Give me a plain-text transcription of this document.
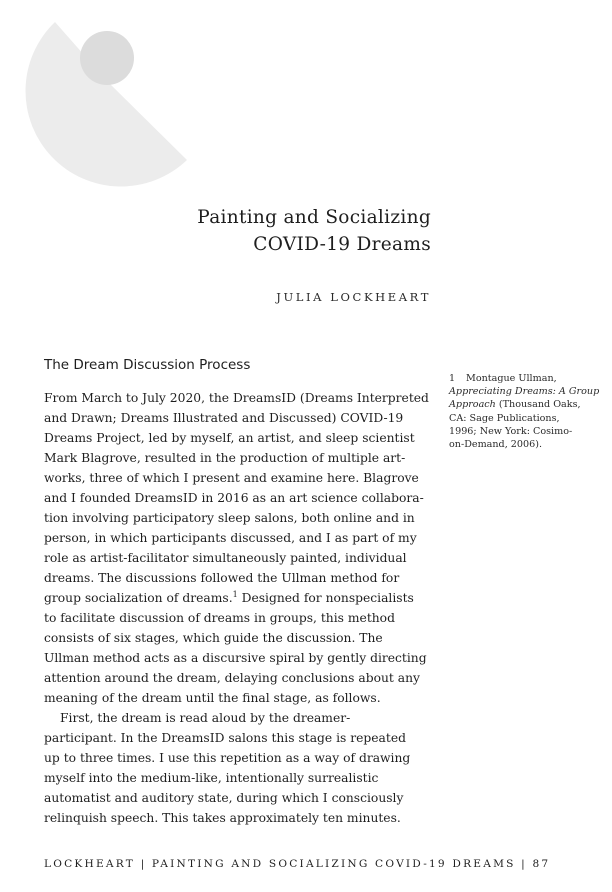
Painting and Socializing
COVID-19 Dreams

JULIA LOCKHEART

The Dream Discussion Process
From March to July 2020, the DreamsID (Dreams Interpreted
and Drawn; Dreams Illustrated and Discussed) COVID-19
Dreams Project, led by myself, an artist, and sleep scientist
Mark Blagrove, resulted in the production of multiple art-
works, three of which I present and examine here. Blagrove
and I founded DreamsID in 2016 as an art science collabora-
tion involving participatory sleep salons, both online and in
person, in which participants discussed, and I as part of my
role as artist-facilitator simultaneously painted, individual
dreams. The discussions followed the Ullman method for
group socialization of dreams.$^1$ Designed for nonspecialists
to facilitate discussion of dreams in groups, this method
consists of six stages, which guide the discussion. The
Ullman method acts as a discursive spiral by gently directing
attention around the dream, delaying conclusions about any
meaning of the dream until the final stage, as follows.
First, the dream is read aloud by the dreamer-
participant. In the DreamsID salons this stage is repeated
up to three times. I use this repetition as a way of drawing
myself into the medium-like, intentionally surrealistic
automatist and auditory state, during which I consciously
relinquish speech. This takes approximately ten minutes.
1 Montague Ullman,
Appreciating Dreams: A Group
Approach (Thousand Oaks,
CA: Sage Publications,
1996; New York: Cosimo-
on-Demand, 2006).

LOCKHEART | PAINTING AND SOCIALIZING COVID-19 DREAMS | 87
